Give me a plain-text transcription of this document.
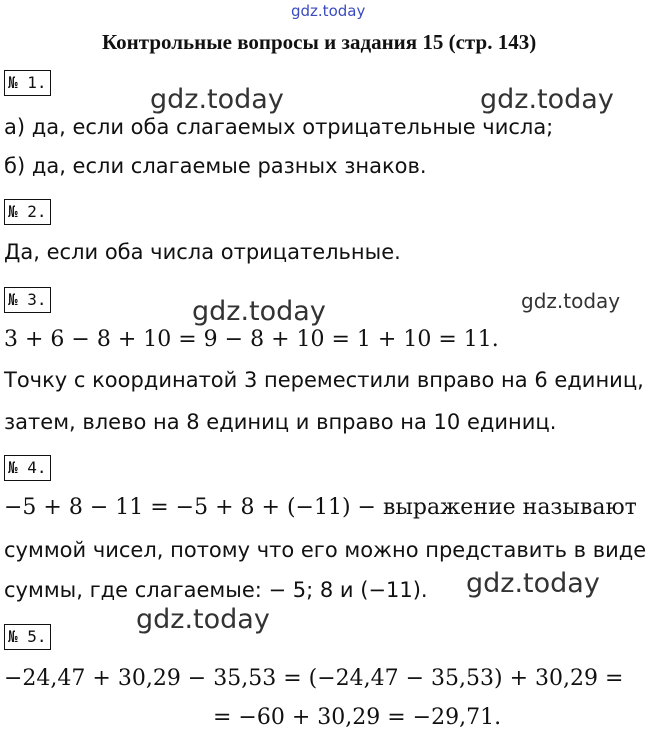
gdz.today
gdz.today	gdz.today
gdz.today	gdz.today
gdz.today
gdz.today
Контрольные вопросы и задания 15 (стр. 143)
№ 1.
а) да, если оба слагаемых отрицательные числа;
б) да, если слагаемые разных знаков.
№ 2.
Да, если оба числа отрицательные.
№ 3.
3 + 6 − 8 + 10 = 9 − 8 + 10 = 1 + 10 = 11.
Точку с координатой 3 переместили вправо на 6 единиц,
затем, влево на 8 единиц и вправо на 10 единиц.
№ 4.
−5 + 8 − 11 = −5 + 8 + (−11) − выражение называют
суммой чисел, потому что его можно представить в виде
суммы, где слагаемые: − 5; 8 и (−11).
№ 5.
−24,47 + 30,29 − 35,53 = (−24,47 − 35,53) + 30,29 =
= −60 + 30,29 = −29,71.
